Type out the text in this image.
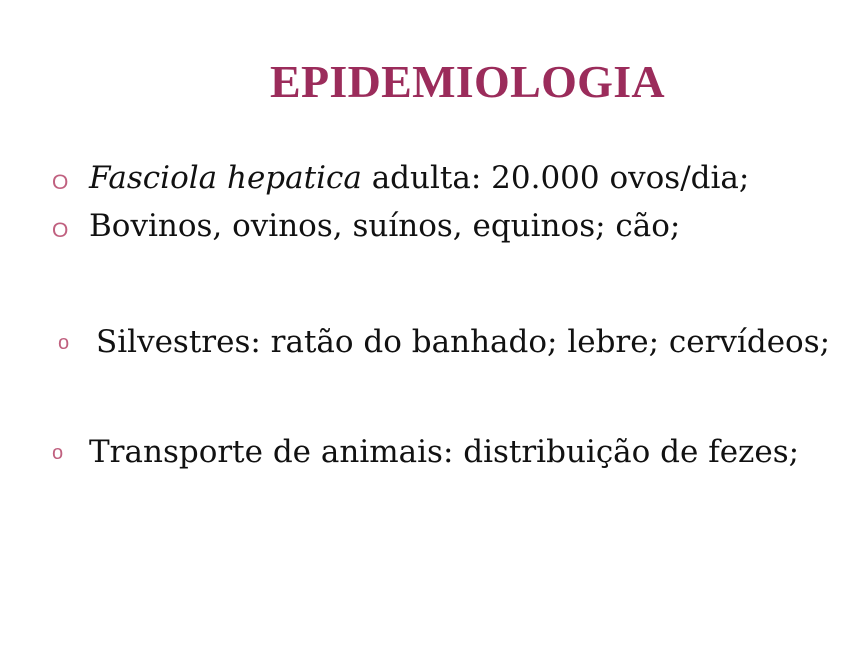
EPIDEMIOLOGIA
O Fasciola hepatica adulta: 20.000 ovos/dia;
O Bovinos, ovinos, suínos, equinos; cão;
o Silvestres: ratão do banhado; lebre; cervídeos;
o Transporte de animais: distribuição de fezes;
